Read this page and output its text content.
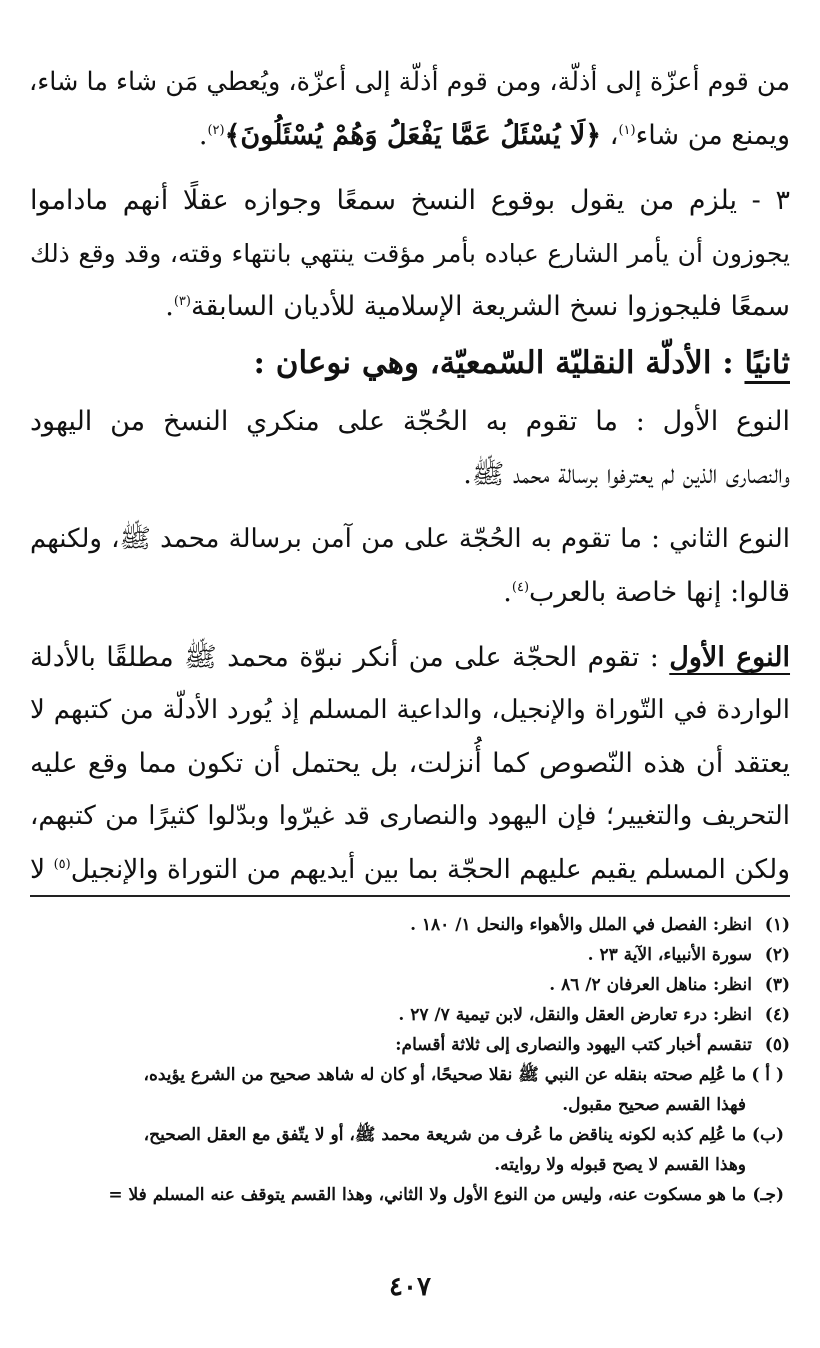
من قوم أعزّة إلى أذلّة، ومن قوم أذلّة إلى أعزّة، ويُعطي مَن شاء ما شاء،
ويمنع من شاء$^{(١)}$، ﴿لَا يُسْئَلُ عَمَّا يَفْعَلُ وَهُمْ يُسْئَلُونَ﴾$^{(٢)}$.
٣ - يلزم من يقول بوقوع النسخ سمعًا وجوازه عقلًا أنهم ماداموا
يجوزون أن يأمر الشارع عباده بأمر مؤقت ينتهي بانتهاء وقته، وقد وقع ذلك
سمعًا فليجوزوا نسخ الشريعة الإسلامية للأديان السابقة$^{(٣)}$.
ثانيًا : الأدلّة النقليّة السّمعيّة، وهي نوعان :
النوع الأول : ما تقوم به الحُجّة على منكري النسخ من اليهود
والنصارى الذين لم يعترفوا برسالة محمد ﷺ.
النوع الثاني : ما تقوم به الحُجّة على من آمن برسالة محمد ﷺ، ولكنهم
قالوا: إنها خاصة بالعرب$^{(٤)}$.
النوع الأول : تقوم الحجّة على من أنكر نبوّة محمد ﷺ مطلقًا بالأدلة
الواردة في التّوراة والإنجيل، والداعية المسلم إذ يُورد الأدلّة من كتبهم لا
يعتقد أن هذه النّصوص كما أُنزلت، بل يحتمل أن تكون مما وقع عليه
التحريف والتغيير؛ فإن اليهود والنصارى قد غيرّوا وبدّلوا كثيرًا من كتبهم،
ولكن المسلم يقيم عليهم الحجّة بما بين أيديهم من التوراة والإنجيل$^{(٥)}$ لا
(١)
انظر: الفصل في الملل والأهواء والنحل ١/ ١٨٠ .
(٢)
سورة الأنبياء، الآية ٢٣ .
(٣)
انظر: مناهل العرفان ٢/ ٨٦ .
(٤)
انظر: درء تعارض العقل والنقل، لابن تيمية ٧/ ٢٧ .
(٥)
تنقسم أخبار كتب اليهود والنصارى إلى ثلاثة أقسام:
( أ )
ما عُلِم صحته بنقله عن النبي ﷺ نقلا صحيحًا، أو كان له شاهد صحيح من الشرع يؤيده،
فهذا القسم صحيح مقبول.
(ب)
ما عُلِم كذبه لكونه يناقض ما عُرف من شريعة محمد ﷺ، أو لا يتّفق مع العقل الصحيح،
وهذا القسم لا يصح قبوله ولا روايته.
(جـ)
ما هو مسكوت عنه، وليس من النوع الأول ولا الثاني، وهذا القسم يتوقف عنه المسلم فلا =
٤٠٧
